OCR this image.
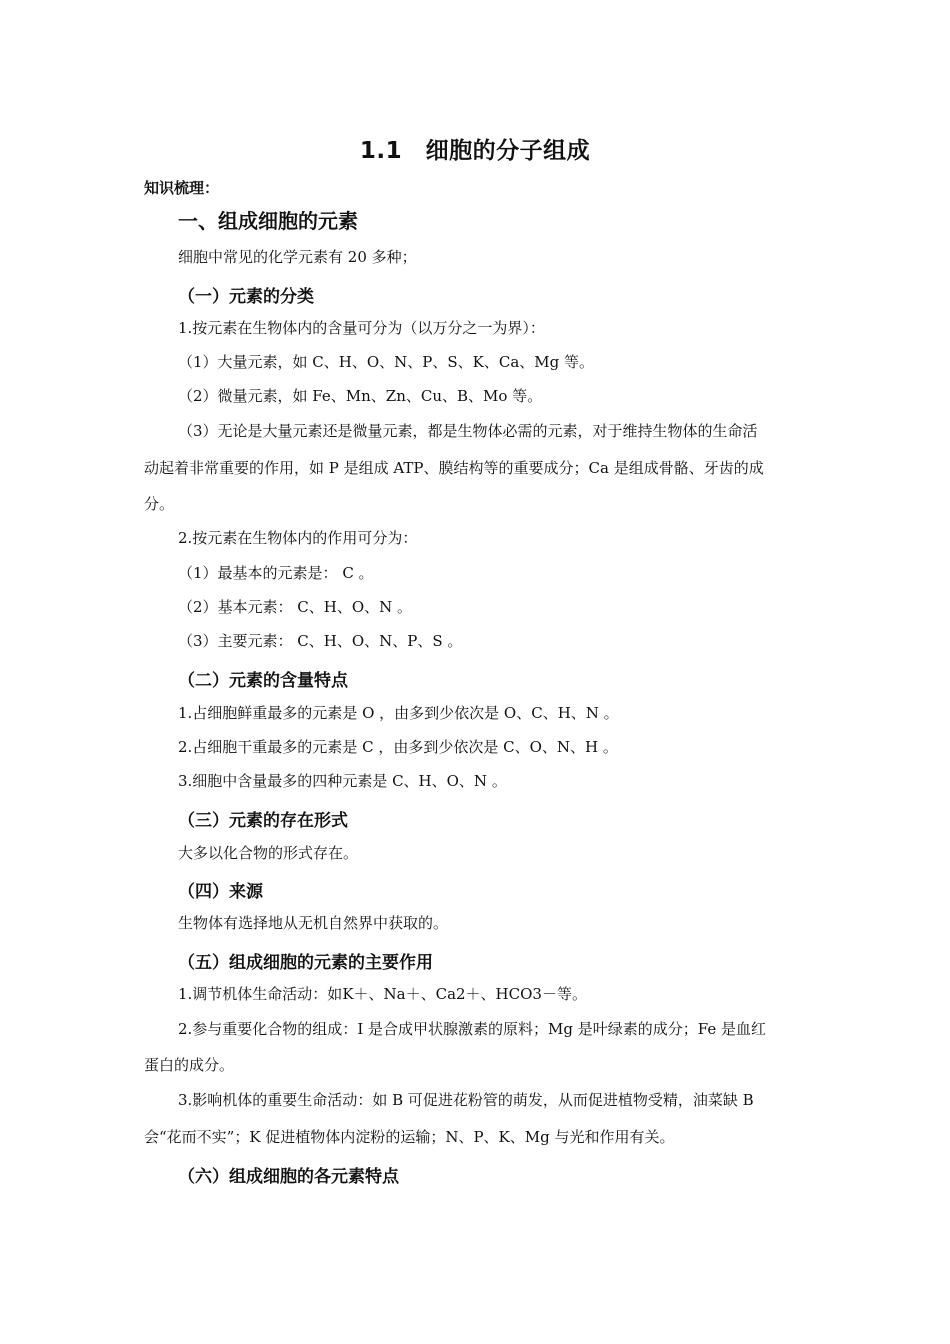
1.1　细胞的分子组成
知识梳理：
一、组成细胞的元素
细胞中常见的化学元素有 20 多种；
（一）元素的分类
1.按元素在生物体内的含量可分为（以万分之一为界）：
（1）大量元素，如 C、H、O、N、P、S、K、Ca、Mg 等。
（2）微量元素，如 Fe、Mn、Zn、Cu、B、Mo 等。
（3）无论是大量元素还是微量元素，都是生物体必需的元素，对于维持生物体的生命活
动起着非常重要的作用，如 P 是组成 ATP、膜结构等的重要成分；Ca 是组成骨骼、牙齿的成
分。
2.按元素在生物体内的作用可分为：
（1）最基本的元素是： C 。
（2）基本元素： C、H、O、N 。
（3）主要元素： C、H、O、N、P、S 。
（二）元素的含量特点
1.占细胞鲜重最多的元素是 O ，由多到少依次是 O、C、H、N 。
2.占细胞干重最多的元素是 C ，由多到少依次是 C、O、N、H 。
3.细胞中含量最多的四种元素是 C、H、O、N 。
（三）元素的存在形式
大多以化合物的形式存在。
（四）来源
生物体有选择地从无机自然界中获取的。
（五）组成细胞的元素的主要作用
1.调节机体生命活动：如K＋、Na＋、Ca2＋、HCO3－等。
2.参与重要化合物的组成：I 是合成甲状腺激素的原料；Mg 是叶绿素的成分；Fe 是血红
蛋白的成分。
3.影响机体的重要生命活动：如 B 可促进花粉管的萌发，从而促进植物受精，油菜缺 B
会“花而不实”；K 促进植物体内淀粉的运输；N、P、K、Mg 与光和作用有关。
（六）组成细胞的各元素特点
